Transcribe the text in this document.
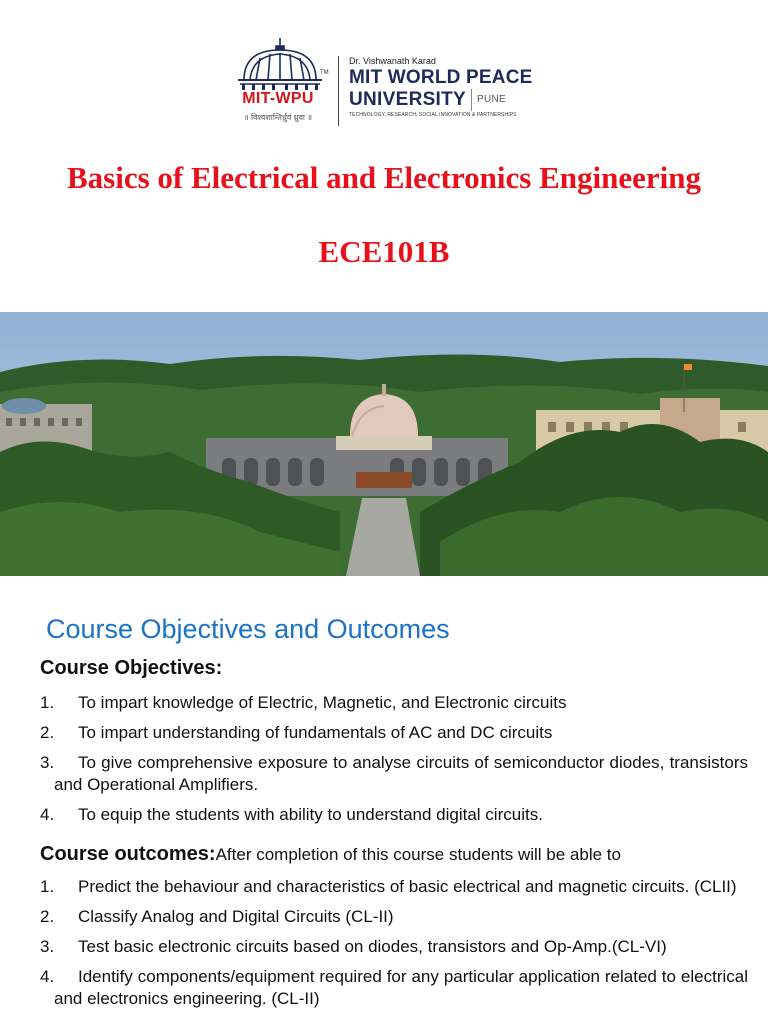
TM
MIT-WPU
॥ विश्वशान्तिर्ध्रुवं ध्रुवा ॥
Dr. Vishwanath Karad
MIT WORLD PEACE
UNIVERSITY PUNE
TECHNOLOGY, RESEARCH, SOCIAL INNOVATION & PARTNERSHIPS
Basics of Electrical and Electronics Engineering
ECE101B
Course Objectives and Outcomes
Course Objectives:
1.	To impart knowledge of Electric, Magnetic, and Electronic circuits
2.	To impart understanding of fundamentals of AC and DC circuits
3.	To give comprehensive exposure to analyse circuits of semiconductor diodes, transistors and Operational Amplifiers.
4.	To equip the students with ability to understand digital circuits.
Course outcomes:After completion of this course students will be able to
1.	Predict the behaviour and characteristics of basic electrical and magnetic circuits. (CLII)
2.	Classify Analog and Digital Circuits (CL-II)
3.	Test basic electronic circuits based on diodes, transistors and Op-Amp.(CL-VI)
4.	Identify components/equipment required for any particular application related to electrical and electronics engineering. (CL-II)
